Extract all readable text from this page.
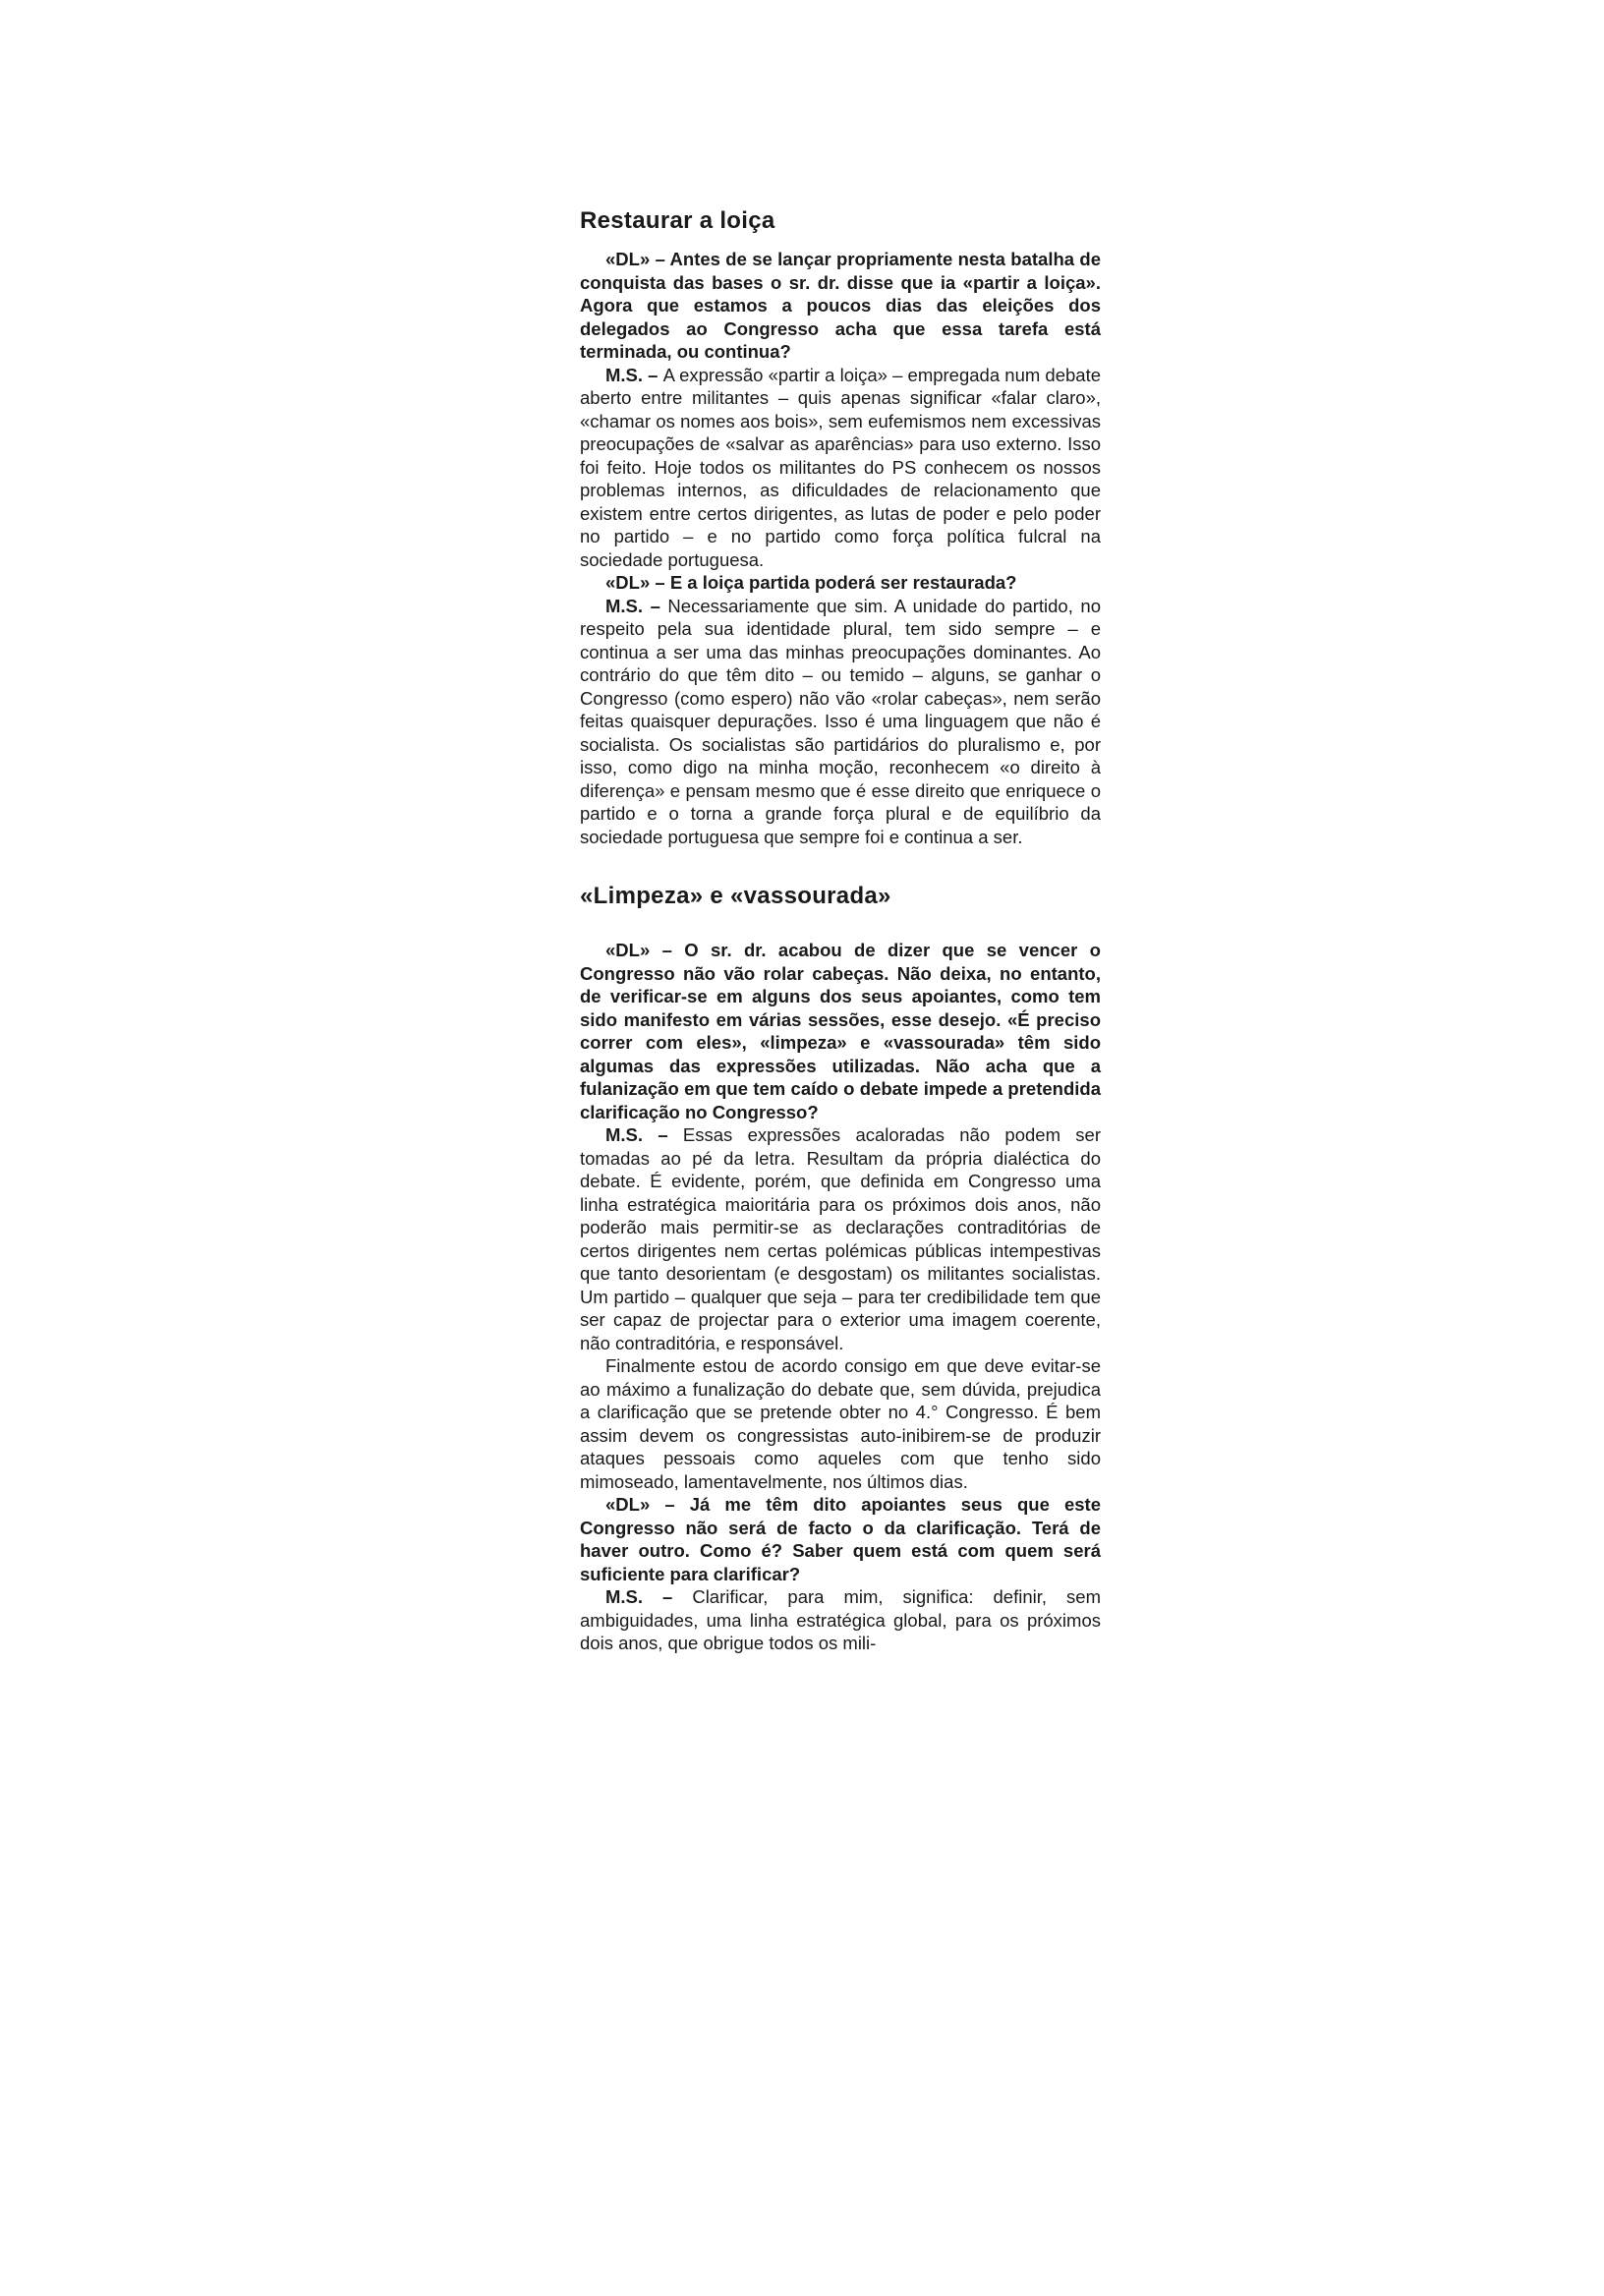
Restaurar a loiça

«DL» – Antes de se lançar propriamente nesta batalha de conquista das bases o sr. dr. disse que ia «partir a loiça». Agora que estamos a poucos dias das eleições dos delegados ao Congresso acha que essa tarefa está terminada, ou continua?

M.S. – A expressão «partir a loiça» – empregada num debate aberto entre militantes – quis apenas significar «falar claro», «chamar os nomes aos bois», sem eufemismos nem excessivas preocupações de «salvar as aparências» para uso externo. Isso foi feito. Hoje todos os militantes do PS conhecem os nossos problemas internos, as dificuldades de relacionamento que existem entre certos dirigentes, as lutas de poder e pelo poder no partido – e no partido como força política fulcral na sociedade portuguesa.

«DL» – E a loiça partida poderá ser restaurada?

M.S. – Necessariamente que sim. A unidade do partido, no respeito pela sua identidade plural, tem sido sempre – e continua a ser uma das minhas preocupações dominantes. Ao contrário do que têm dito – ou temido – alguns, se ganhar o Congresso (como espero) não vão «rolar cabeças», nem serão feitas quaisquer depurações. Isso é uma linguagem que não é socialista. Os socialistas são partidários do pluralismo e, por isso, como digo na minha moção, reconhecem «o direito à diferença» e pensam mesmo que é esse direito que enriquece o partido e o torna a grande força plural e de equilíbrio da sociedade portuguesa que sempre foi e continua a ser.

«Limpeza» e «vassourada»

«DL» – O sr. dr. acabou de dizer que se vencer o Congresso não vão rolar cabeças. Não deixa, no entanto, de verificar-se em alguns dos seus apoiantes, como tem sido manifesto em várias sessões, esse desejo. «É preciso correr com eles», «limpeza» e «vassourada» têm sido algumas das expressões utilizadas. Não acha que a fulanização em que tem caído o debate impede a pretendida clarificação no Congresso?

M.S. – Essas expressões acaloradas não podem ser tomadas ao pé da letra. Resultam da própria dialéctica do debate. É evidente, porém, que definida em Congresso uma linha estratégica maioritária para os próximos dois anos, não poderão mais permitir-se as declarações contraditórias de certos dirigentes nem certas polémicas públicas intempestivas que tanto desorientam (e desgostam) os militantes socialistas. Um partido – qualquer que seja – para ter credibilidade tem que ser capaz de projectar para o exterior uma imagem coerente, não contraditória, e responsável.

Finalmente estou de acordo consigo em que deve evitar-se ao máximo a funalização do debate que, sem dúvida, prejudica a clarificação que se pretende obter no 4.° Congresso. É bem assim devem os congressistas auto-inibirem-se de produzir ataques pessoais como aqueles com que tenho sido mimoseado, lamentavelmente, nos últimos dias.

«DL» – Já me têm dito apoiantes seus que este Congresso não será de facto o da clarificação. Terá de haver outro. Como é? Saber quem está com quem será suficiente para clarificar?

M.S. – Clarificar, para mim, significa: definir, sem ambiguidades, uma linha estratégica global, para os próximos dois anos, que obrigue todos os mili-
